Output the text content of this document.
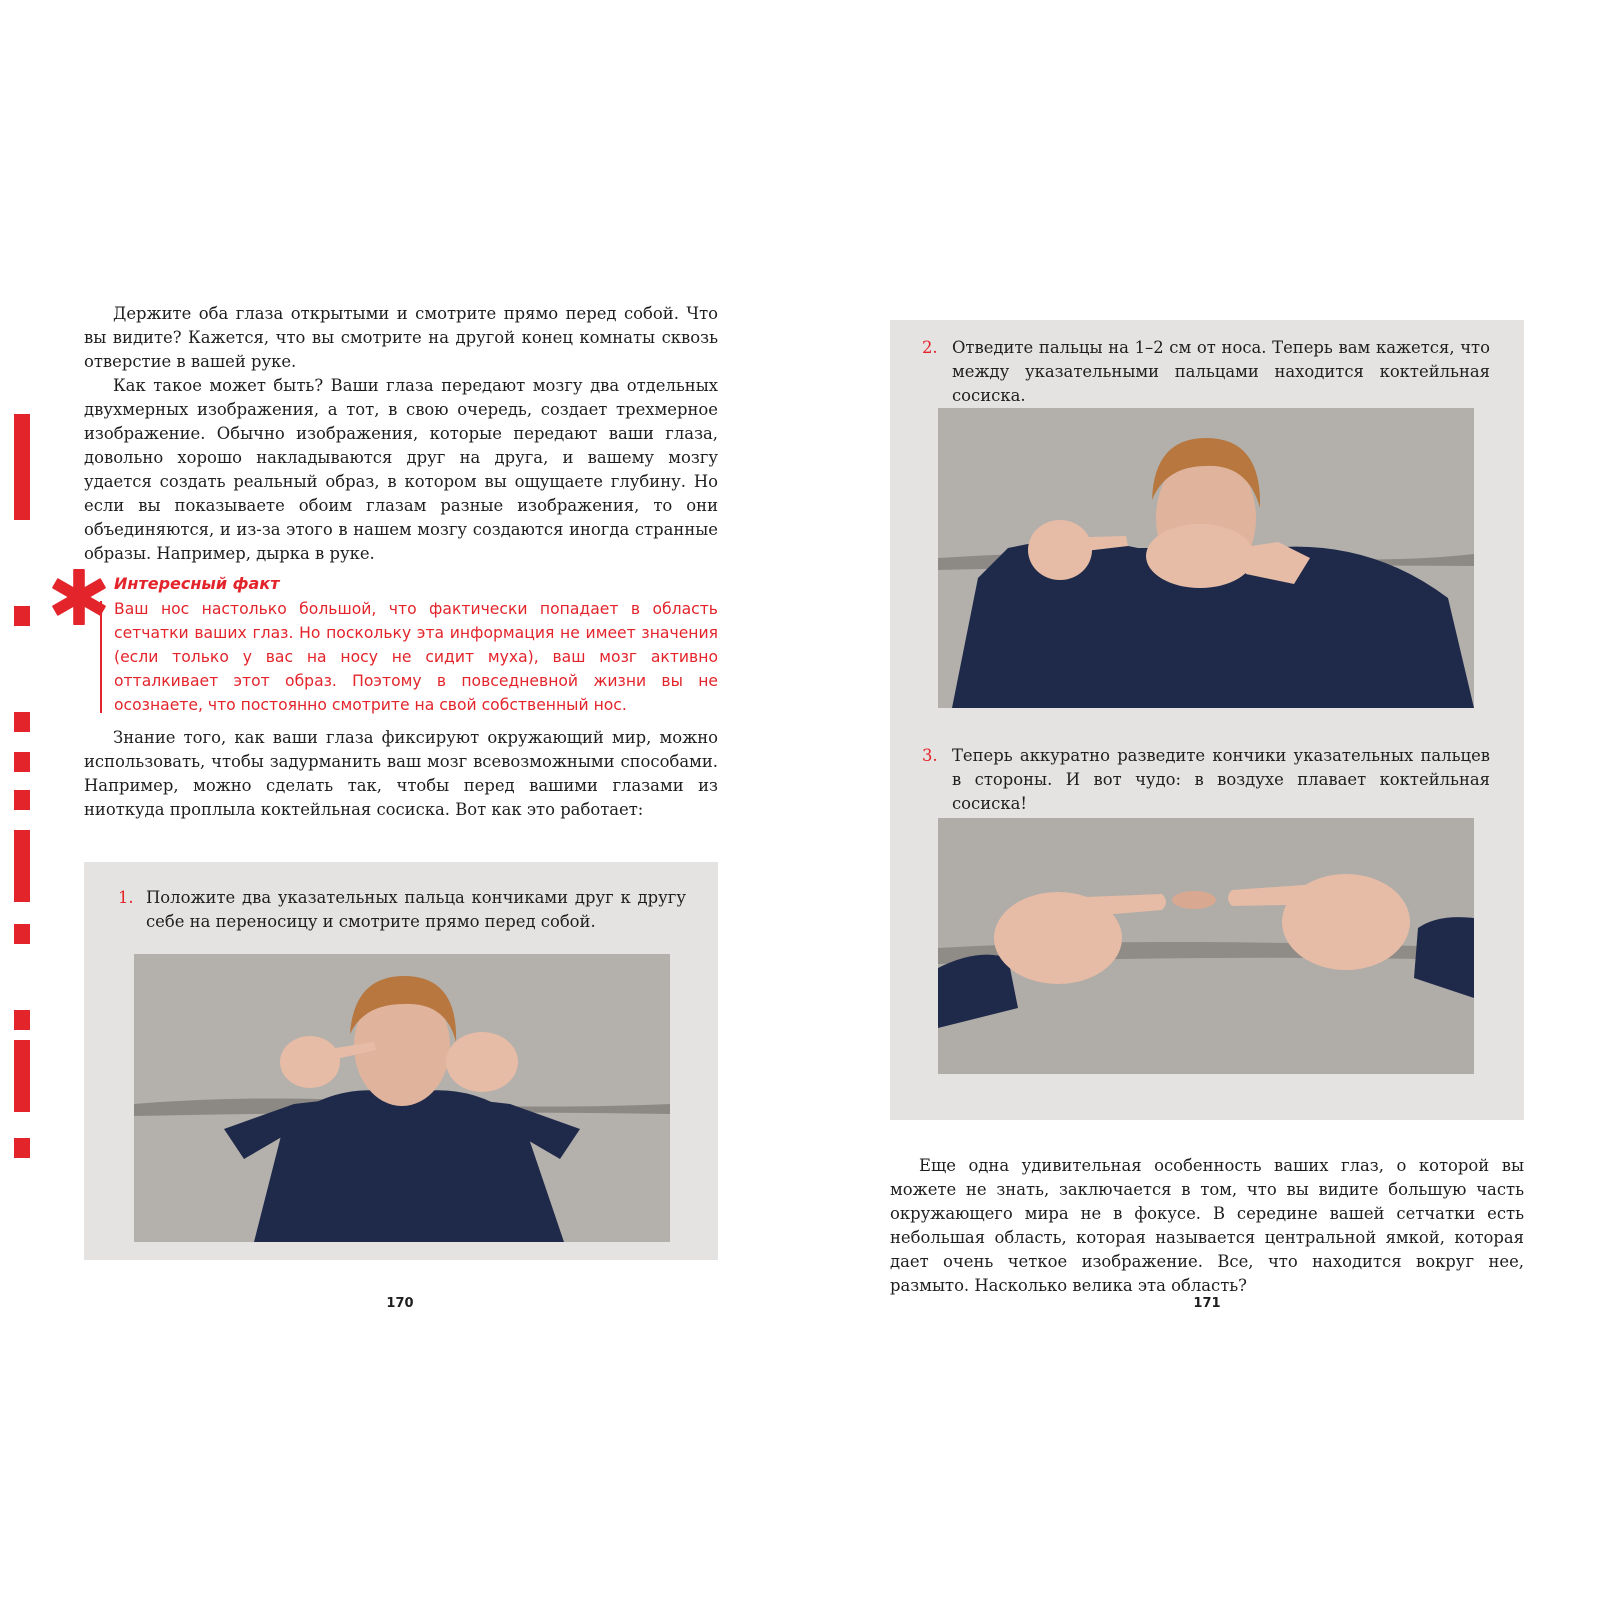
Держите оба глаза открытыми и смотрите прямо перед собой. Что вы видите? Кажется, что вы смотрите на другой конец комнаты сквозь отверстие в вашей руке.

Как такое может быть? Ваши глаза передают мозгу два отдельных двухмерных изображения, а тот, в свою очередь, создает трехмерное изображение. Обычно изображения, которые передают ваши глаза, довольно хорошо накладываются друг на друга, и вашему мозгу удается создать реальный образ, в котором вы ощущаете глубину. Но если вы показываете обоим глазам разные изображения, то они объединяются, и из-за этого в нашем мозгу создаются иногда странные образы. Например, дырка в руке.

Интересный факт

Ваш нос настолько большой, что фактически попадает в область сетчатки ваших глаз. Но поскольку эта информация не имеет значения (если только у вас на носу не сидит муха), ваш мозг активно отталкивает этот образ. Поэтому в повседневной жизни вы не осознаете, что постоянно смотрите на свой собственный нос.

Знание того, как ваши глаза фиксируют окружающий мир, можно использовать, чтобы задурманить ваш мозг всевозможными способами. Например, можно сделать так, чтобы перед вашими глазами из ниоткуда проплыла коктейльная сосиска. Вот как это работает:

1. Положите два указательных пальца кончиками друг к другу себе на переносицу и смотрите прямо перед собой.

170

2. Отведите пальцы на 1–2 см от носа. Теперь вам кажется, что между указательными пальцами находится коктейльная сосиска.

3. Теперь аккуратно разведите кончики указательных пальцев в стороны. И вот чудо: в воздухе плавает коктейльная сосиска!

Еще одна удивительная особенность ваших глаз, о которой вы можете не знать, заключается в том, что вы видите большую часть окружающего мира не в фокусе. В середине вашей сетчатки есть небольшая область, которая называется центральной ямкой, которая дает очень четкое изображение. Все, что находится вокруг нее, размыто. Насколько велика эта область?

171
